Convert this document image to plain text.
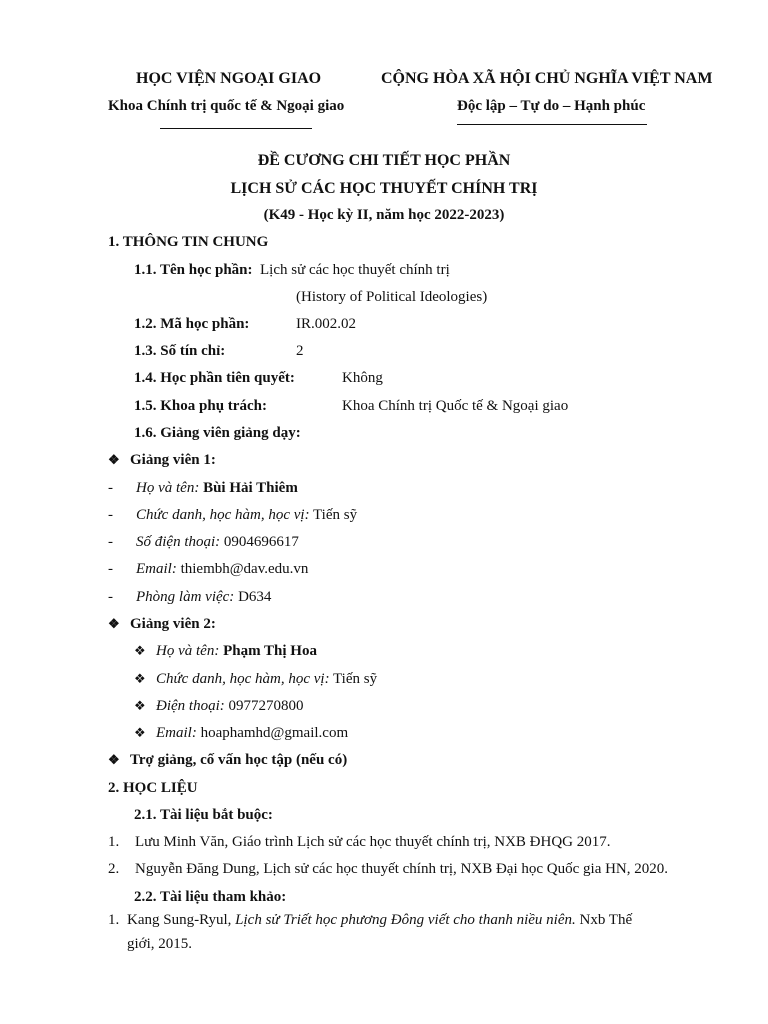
HỌC VIỆN NGOẠI GIAO	CỘNG HÒA XÃ HỘI CHỦ NGHĨA VIỆT NAM
Khoa Chính trị quốc tế & Ngoại giao	Độc lập – Tự do – Hạnh phúc
ĐỀ CƯƠNG CHI TIẾT HỌC PHẦN
LỊCH SỬ CÁC HỌC THUYẾT CHÍNH TRỊ
(K49 - Học kỳ II, năm học 2022-2023)
1. THÔNG TIN CHUNG
1.1. Tên học phần: Lịch sử các học thuyết chính trị
(History of Political Ideologies)
1.2. Mã học phần:	IR.002.02
1.3. Số tín chỉ:	2
1.4. Học phần tiên quyết:	Không
1.5. Khoa phụ trách:	Khoa Chính trị Quốc tế & Ngoại giao
1.6. Giảng viên giảng dạy:
❖ Giảng viên 1:
- Họ và tên: Bùi Hải Thiêm
- Chức danh, học hàm, học vị: Tiến sỹ
- Số điện thoại: 0904696617
- Email: thiembh@dav.edu.vn
- Phòng làm việc: D634
❖ Giảng viên 2:
❖ Họ và tên: Phạm Thị Hoa
❖ Chức danh, học hàm, học vị: Tiến sỹ
❖ Điện thoại: 0977270800
❖ Email: hoaphamhd@gmail.com
❖ Trợ giảng, cố vấn học tập (nếu có)
2. HỌC LIỆU
2.1. Tài liệu bắt buộc:
1. Lưu Minh Văn, Giáo trình Lịch sử các học thuyết chính trị, NXB ĐHQG 2017.
2. Nguyễn Đăng Dung, Lịch sử các học thuyết chính trị, NXB Đại học Quốc gia HN, 2020.
2.2. Tài liệu tham khảo:
1. Kang Sung-Ryul, Lịch sử Triết học phương Đông viết cho thanh niều niên. Nxb Thế
giới, 2015.
